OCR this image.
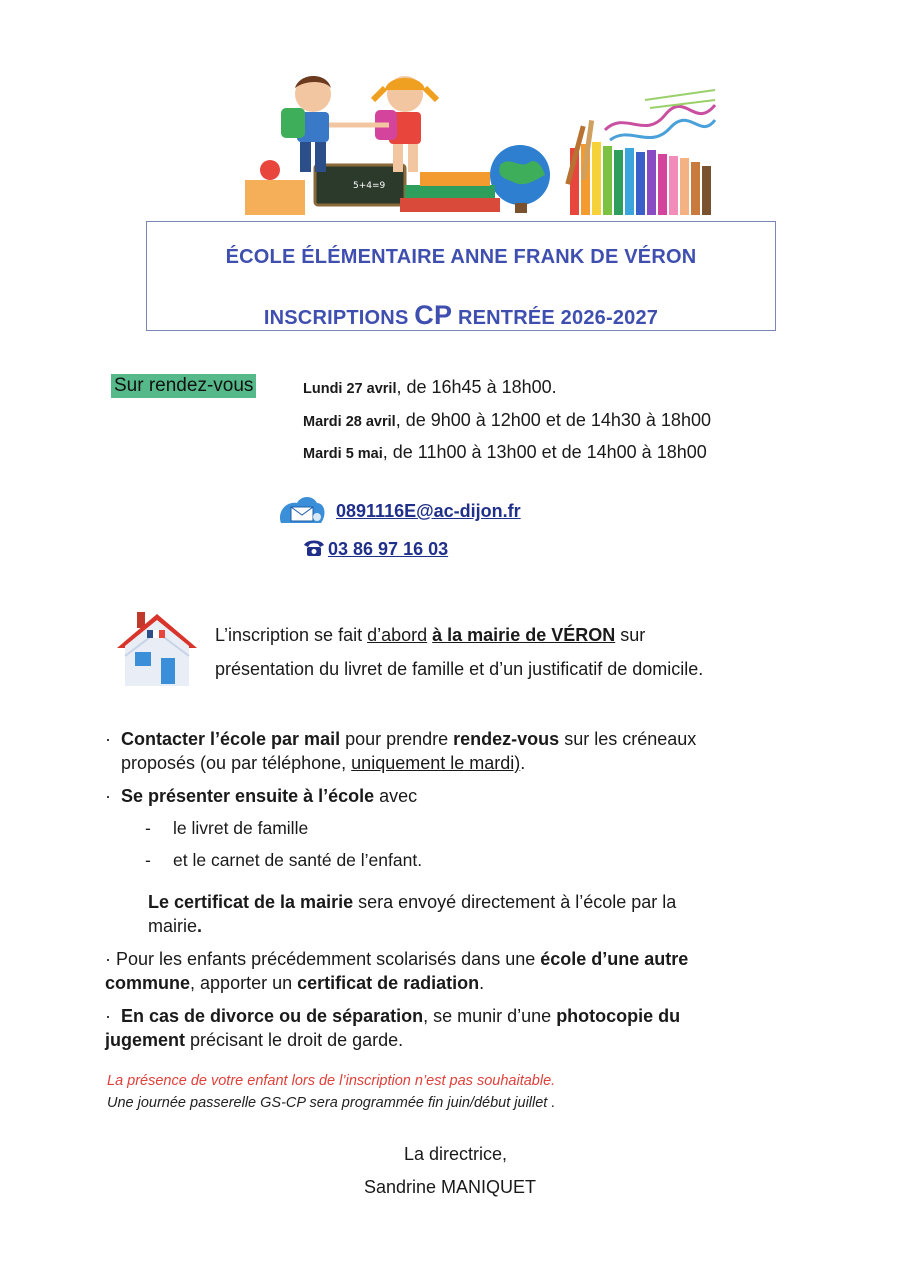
5+4=9
ÉCOLE ÉLÉMENTAIRE ANNE FRANK DE VÉRON
INSCRIPTIONS CP RENTRÉE 2026-2027
Sur rendez-vous	Lundi 27 avril, de 16h45 à 18h00.
Mardi 28 avril, de 9h00 à 12h00 et de 14h30 à 18h00
Mardi 5 mai, de 11h00 à 13h00 et de 14h00 à 18h00
0891116E@ac-dijon.fr
03 86 97 16 03
L’inscription se fait d’abord à la mairie de VÉRON sur
présentation du livret de famille et d’un justificatif de domicile.
· Contacter l’école par mail pour prendre rendez-vous sur les créneaux
proposés (ou par téléphone, uniquement le mardi).
· Se présenter ensuite à l’école avec
- le livret de famille
- et le carnet de santé de l’enfant.
Le certificat de la mairie sera envoyé directement à l’école par la
mairie.
· Pour les enfants précédemment scolarisés dans une école d’une autre
commune, apporter un certificat de radiation.
· En cas de divorce ou de séparation, se munir d’une photocopie du
jugement précisant le droit de garde.
La présence de votre enfant lors de l’inscription n’est pas souhaitable.
Une journée passerelle GS-CP sera programmée fin juin/début juillet .
La directrice,
Sandrine MANIQUET
